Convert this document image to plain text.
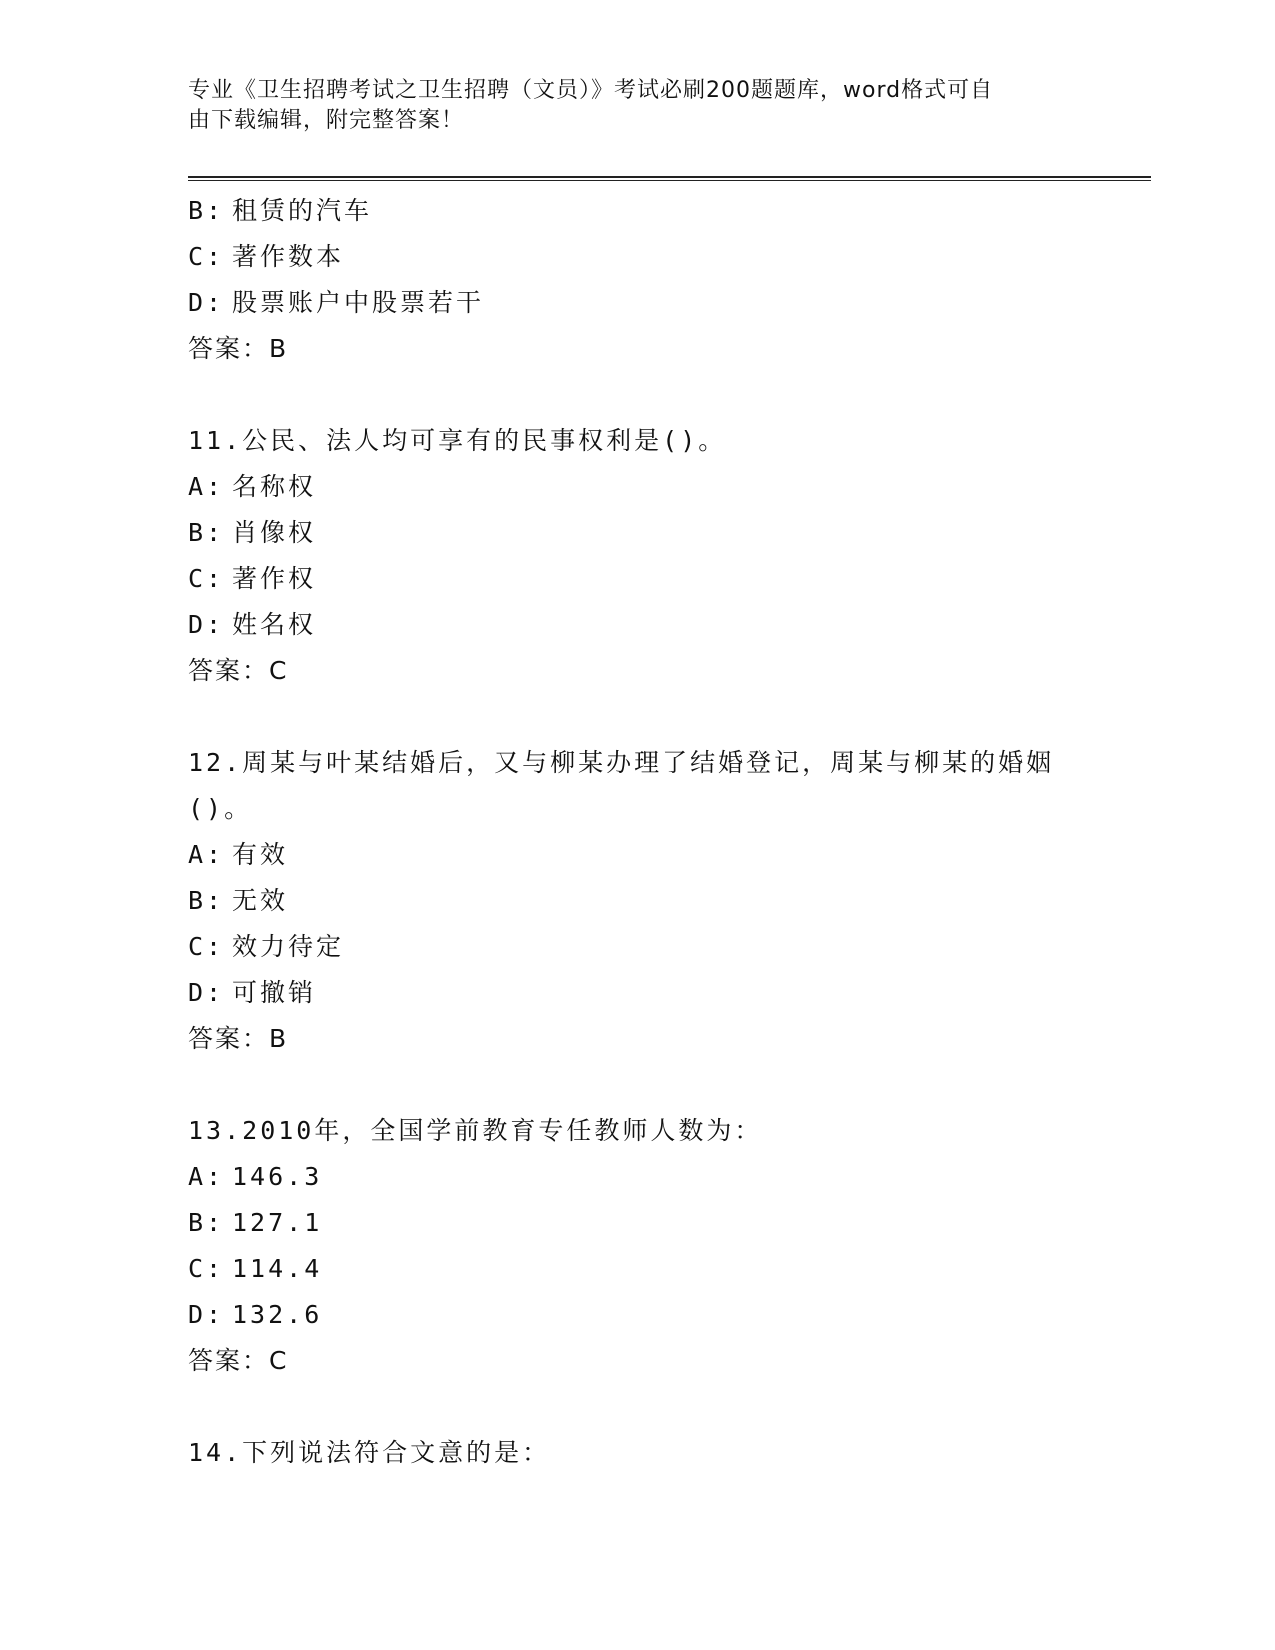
专业《卫生招聘考试之卫生招聘（文员）》考试必刷200题题库，word格式可自
由下载编辑，附完整答案！
B: 租赁的汽车
C: 著作数本
D: 股票账户中股票若干
答案：B
11.公民、法人均可享有的民事权利是()。
A: 名称权
B: 肖像权
C: 著作权
D: 姓名权
答案：C
12.周某与叶某结婚后，又与柳某办理了结婚登记，周某与柳某的婚姻
()。
A: 有效
B: 无效
C: 效力待定
D: 可撤销
答案：B
13.2010年，全国学前教育专任教师人数为：
A: 146.3
B: 127.1
C: 114.4
D: 132.6
答案：C
14.下列说法符合文意的是：
